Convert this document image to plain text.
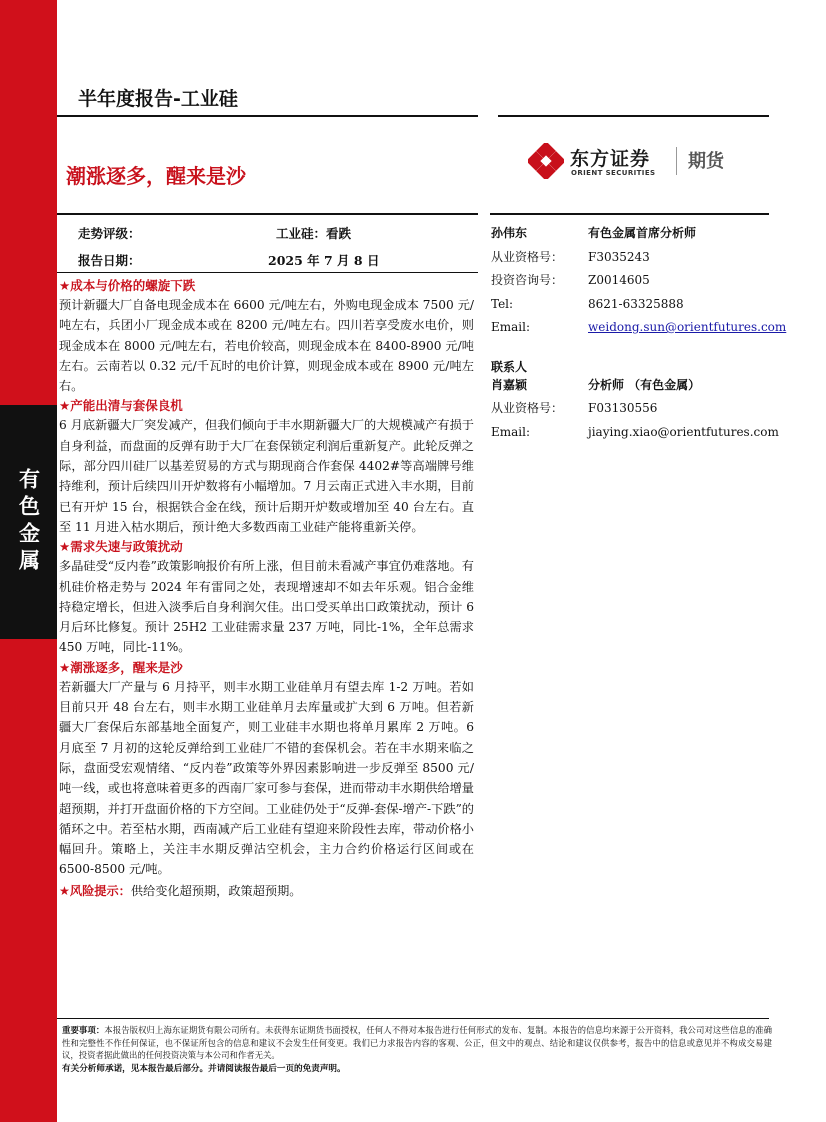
有色金属
半年度报告-工业硅
潮涨逐多，醒来是沙
东方证券
ORIENT SECURITIES
期货
走势评级：	工业硅：看跌
报告日期：	2025 年 7 月 8 日
★成本与价格的螺旋下跌

预计新疆大厂自备电现金成本在 6600 元/吨左右，外购电现金成本 7500 元/吨左右，兵团小厂现金成本或在 8200 元/吨左右。四川若享受废水电价，则现金成本在 8000 元/吨左右，若电价较高，则现金成本在 8400-8900 元/吨左右。云南若以 0.32 元/千瓦时的电价计算，则现金成本或在 8900 元/吨左右。

★产能出清与套保良机

6 月底新疆大厂突发减产，但我们倾向于丰水期新疆大厂的大规模减产有损于自身利益，而盘面的反弹有助于大厂在套保锁定利润后重新复产。此轮反弹之际，部分四川硅厂以基差贸易的方式与期现商合作套保 4402#等高端牌号维持维利，预计后续四川开炉数将有小幅增加。7 月云南正式进入丰水期，目前已有开炉 15 台，根据铁合金在线，预计后期开炉数或增加至 40 台左右。直至 11 月进入枯水期后，预计绝大多数西南工业硅产能将重新关停。

★需求失速与政策扰动

多晶硅受“反内卷”政策影响报价有所上涨，但目前未看减产事宜仍难落地。有机硅价格走势与 2024 年有雷同之处，表现增速却不如去年乐观。铝合金维持稳定增长，但进入淡季后自身利润欠佳。出口受买单出口政策扰动，预计 6 月后环比修复。预计 25H2 工业硅需求量 237 万吨，同比-1%，全年总需求 450 万吨，同比-11%。

★潮涨逐多，醒来是沙

若新疆大厂产量与 6 月持平，则丰水期工业硅单月有望去库 1-2 万吨。若如目前只开 48 台左右，则丰水期工业硅单月去库量或扩大到 6 万吨。但若新疆大厂套保后东部基地全面复产，则工业硅丰水期也将单月累库 2 万吨。6 月底至 7 月初的这轮反弹给到工业硅厂不错的套保机会。若在丰水期来临之际，盘面受宏观情绪、“反内卷”政策等外界因素影响进一步反弹至 8500 元/吨一线，或也将意味着更多的西南厂家可参与套保，进而带动丰水期供给增量超预期，并打开盘面价格的下方空间。工业硅仍处于“反弹-套保-增产-下跌”的循环之中。若至枯水期，西南减产后工业硅有望迎来阶段性去库，带动价格小幅回升。策略上，关注丰水期反弹沽空机会，主力合约价格运行区间或在 6500-8500 元/吨。

★风险提示：供给变化超预期，政策超预期。
孙伟东	有色金属首席分析师
从业资格号： F3035243
投资咨询号： Z0014605
Tel:	8621-63325888
Email:	weidong.sun@orientfutures.com
联系人
肖嘉颖	分析师 （有色金属）
从业资格号： F03130556
Email:	jiaying.xiao@orientfutures.com
重要事项：本报告版权归上海东证期货有限公司所有。未获得东证期货书面授权，任何人不得对本报告进行任何形式的发布、复制。本报告的信息均来源于公开资料，我公司对这些信息的准确性和完整性不作任何保证，也不保证所包含的信息和建议不会发生任何变更。我们已力求报告内容的客观、公正，但文中的观点、结论和建议仅供参考，报告中的信息或意见并不构成交易建议，投资者据此做出的任何投资决策与本公司和作者无关。
有关分析师承诺，见本报告最后部分。并请阅读报告最后一页的免责声明。
